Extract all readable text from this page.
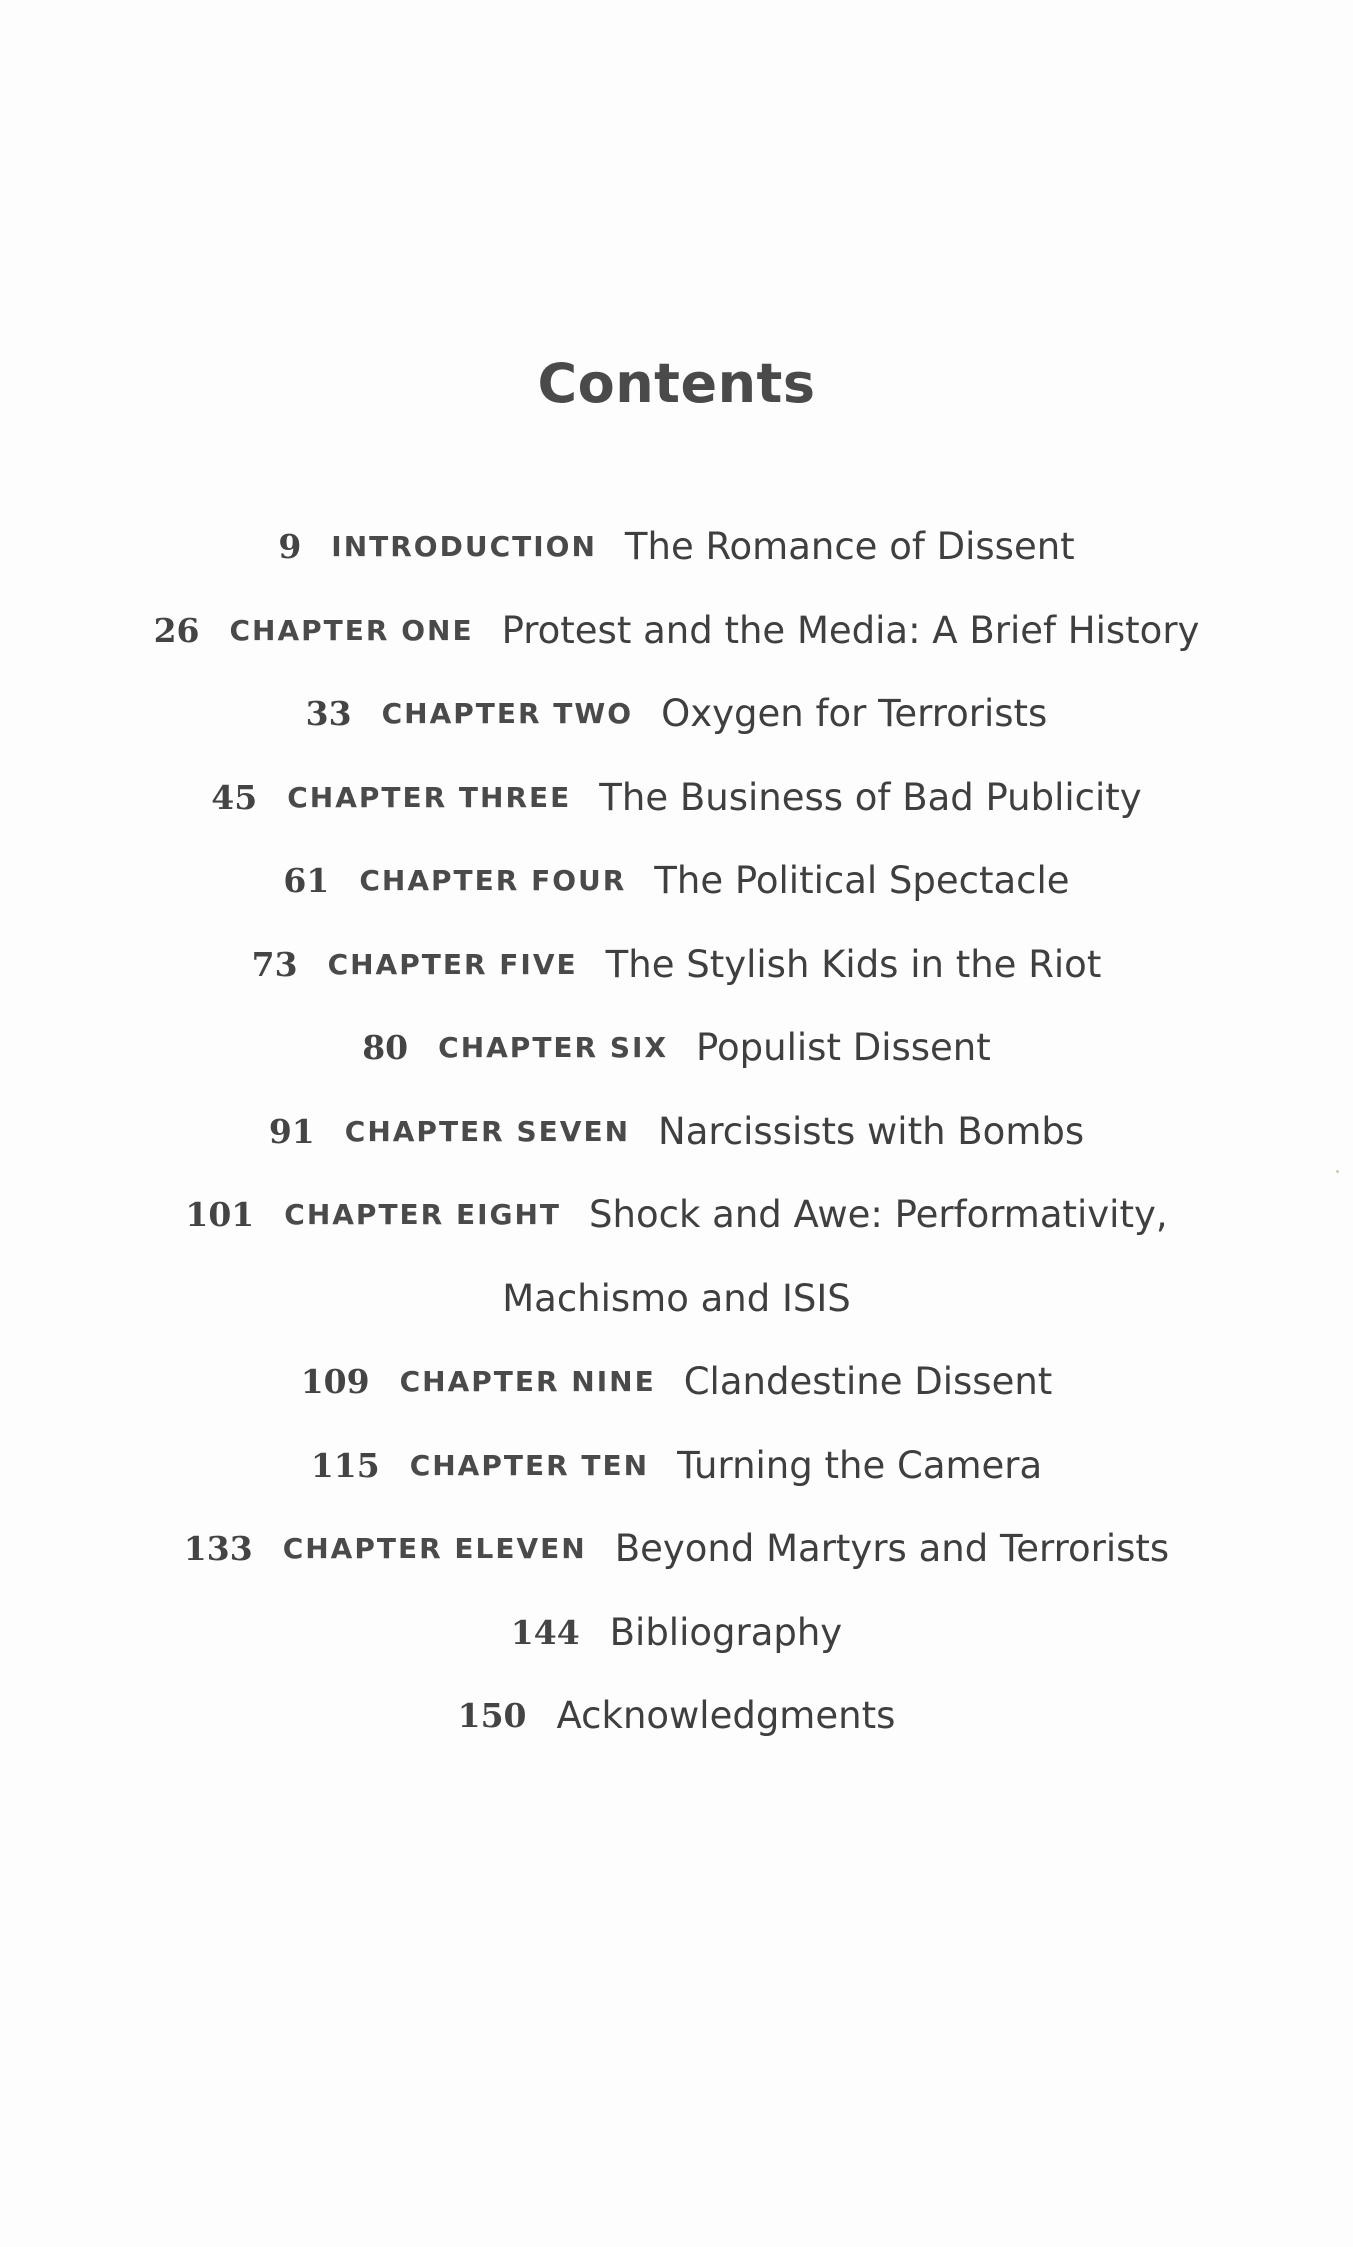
Contents
9 INTRODUCTION The Romance of Dissent
26 CHAPTER ONE Protest and the Media: A Brief History
33 CHAPTER TWO Oxygen for Terrorists
45 CHAPTER THREE The Business of Bad Publicity
61 CHAPTER FOUR The Political Spectacle
73 CHAPTER FIVE The Stylish Kids in the Riot
80 CHAPTER SIX Populist Dissent
91 CHAPTER SEVEN Narcissists with Bombs
101 CHAPTER EIGHT Shock and Awe: Performativity,
Machismo and ISIS
109 CHAPTER NINE Clandestine Dissent
115 CHAPTER TEN Turning the Camera
133 CHAPTER ELEVEN Beyond Martyrs and Terrorists
144 Bibliography
150 Acknowledgments
